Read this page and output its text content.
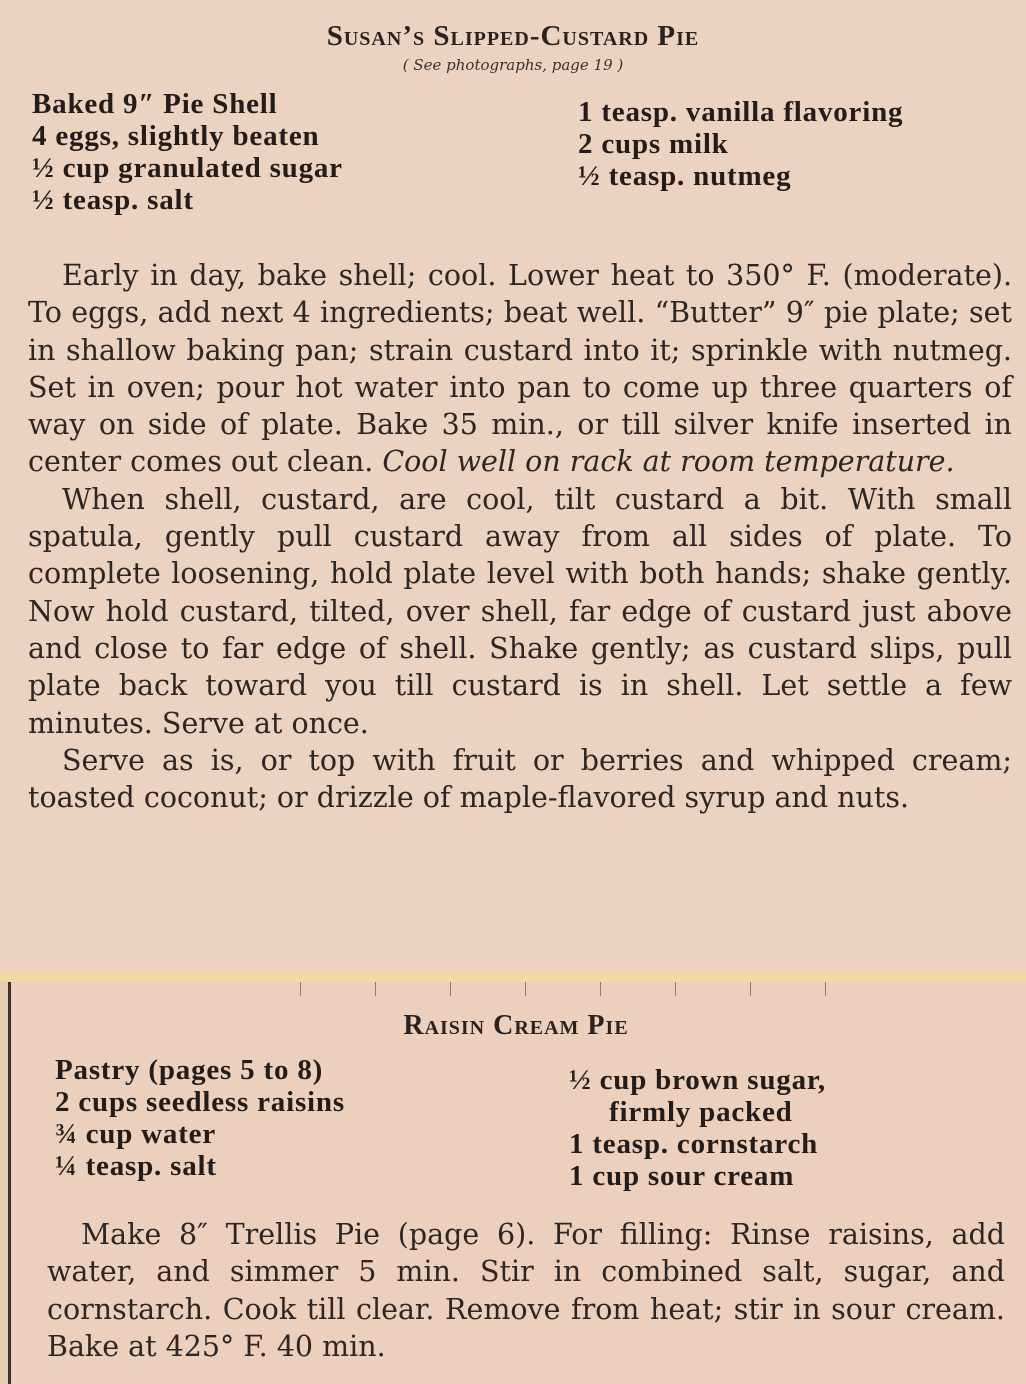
Susan’s Slipped-Custard Pie
( See photographs, page 19 )
Baked 9″ Pie Shell
4 eggs, slightly beaten
½ cup granulated sugar
½ teasp. salt
1 teasp. vanilla flavoring
2 cups milk
½ teasp. nutmeg

Early in day, bake shell; cool. Lower heat to 350° F. (moderate). To eggs, add next 4 ingredients; beat well. “Butter” 9″ pie plate; set in shallow baking pan; strain custard into it; sprinkle with nutmeg. Set in oven; pour hot water into pan to come up three quarters of way on side of plate. Bake 35 min., or till silver knife inserted in center comes out clean. Cool well on rack at room temperature.

When shell, custard, are cool, tilt custard a bit. With small spatula, gently pull custard away from all sides of plate. To complete loosening, hold plate level with both hands; shake gently. Now hold custard, tilted, over shell, far edge of custard just above and close to far edge of shell. Shake gently; as custard slips, pull plate back toward you till custard is in shell. Let settle a few minutes. Serve at once.

Serve as is, or top with fruit or berries and whipped cream; toasted coconut; or drizzle of maple-flavored syrup and nuts.

Raisin Cream Pie
Pastry (pages 5 to 8)
2 cups seedless raisins
¾ cup water
¼ teasp. salt
½ cup brown sugar,
firmly packed
1 teasp. cornstarch
1 cup sour cream

Make 8″ Trellis Pie (page 6). For filling: Rinse raisins, add water, and simmer 5 min. Stir in combined salt, sugar, and cornstarch. Cook till clear. Remove from heat; stir in sour cream. Bake at 425° F. 40 min.
